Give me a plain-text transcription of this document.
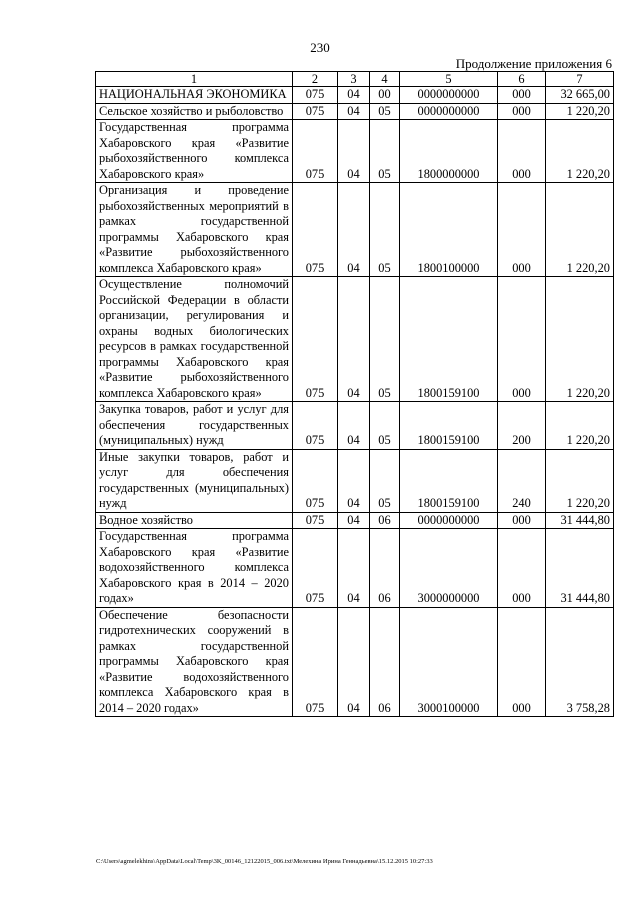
230
Продолжение приложения 6
1	2	3	4	5	6	7

НАЦИОНАЛЬНАЯ ЭКОНОМИКА	075	04	00	0000000000	000	32 665,00

Сельское хозяйство и рыболовство	075	04	05	0000000000	000	1 220,20

Государственная программа Хабаровского края «Развитие рыбохозяйственного комплекса Хабаровского края»	075	04	05	1800000000	000	1 220,20

Организация и проведение рыбохозяйственных мероприятий в рамках государственной программы Хабаровского края «Развитие рыбохозяйственного комплекса Хабаровского края»	075	04	05	1800100000	000	1 220,20

Осуществление полномочий Российской Федерации в области организации, регулирования и охраны водных биологических ресурсов в рамках государственной программы Хабаровского края «Развитие рыбохозяйственного комплекса Хабаровского края»	075	04	05	1800159100	000	1 220,20

Закупка товаров, работ и услуг для обеспечения государственных (муниципальных) нужд	075	04	05	1800159100	200	1 220,20

Иные закупки товаров, работ и услуг для обеспечения государственных (муниципальных) нужд	075	04	05	1800159100	240	1 220,20

Водное хозяйство	075	04	06	0000000000	000	31 444,80

Государственная программа Хабаровского края «Развитие водохозяйственного комплекса Хабаровского края в 2014 – 2020 годах»	075	04	06	3000000000	000	31 444,80

Обеспечение безопасности гидротехнических сооружений в рамках государственной программы Хабаровского края «Развитие водохозяйственного комплекса Хабаровского края в 2014 – 2020 годах»	075	04	06	3000100000	000	3 758,28
C:\Users\agmelekhins\AppData\Local\Temp\3K_00146_12122015_006.txt\Мелехина Ирина Геннадьевна\15.12.2015 10:27:33
